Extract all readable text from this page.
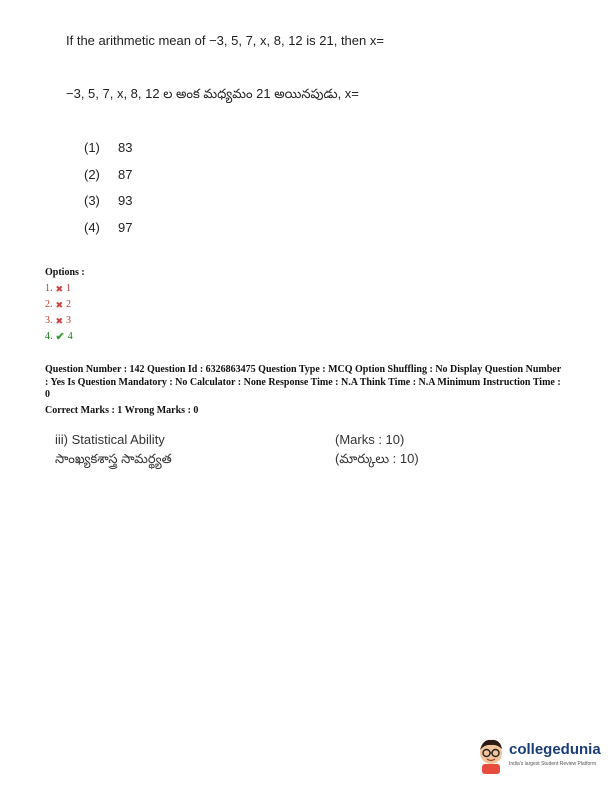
If the arithmetic mean of −3, 5, 7, x, 8, 12 is 21, then x=
−3, 5, 7, x, 8, 12 ల అంక మధ్యమం 21 అయినపుడు, x=
(1)	83
(2)	87
(3)	93
(4)	97
Options :
1. ✖ 1
2. ✖ 2
3. ✖ 3
4. ✔ 4
Question Number : 142 Question Id : 6326863475 Question Type : MCQ Option Shuffling : No Display Question Number : Yes Is Question Mandatory : No Calculator : None Response Time : N.A Think Time : N.A Minimum Instruction Time : 0
Correct Marks : 1 Wrong Marks : 0
iii) Statistical Ability	(Marks : 10)
సాంఖ్యకశాస్త్ర సామర్థ్యత	(మార్కులు : 10)
collegedunia
India's largest Student Review Platform
